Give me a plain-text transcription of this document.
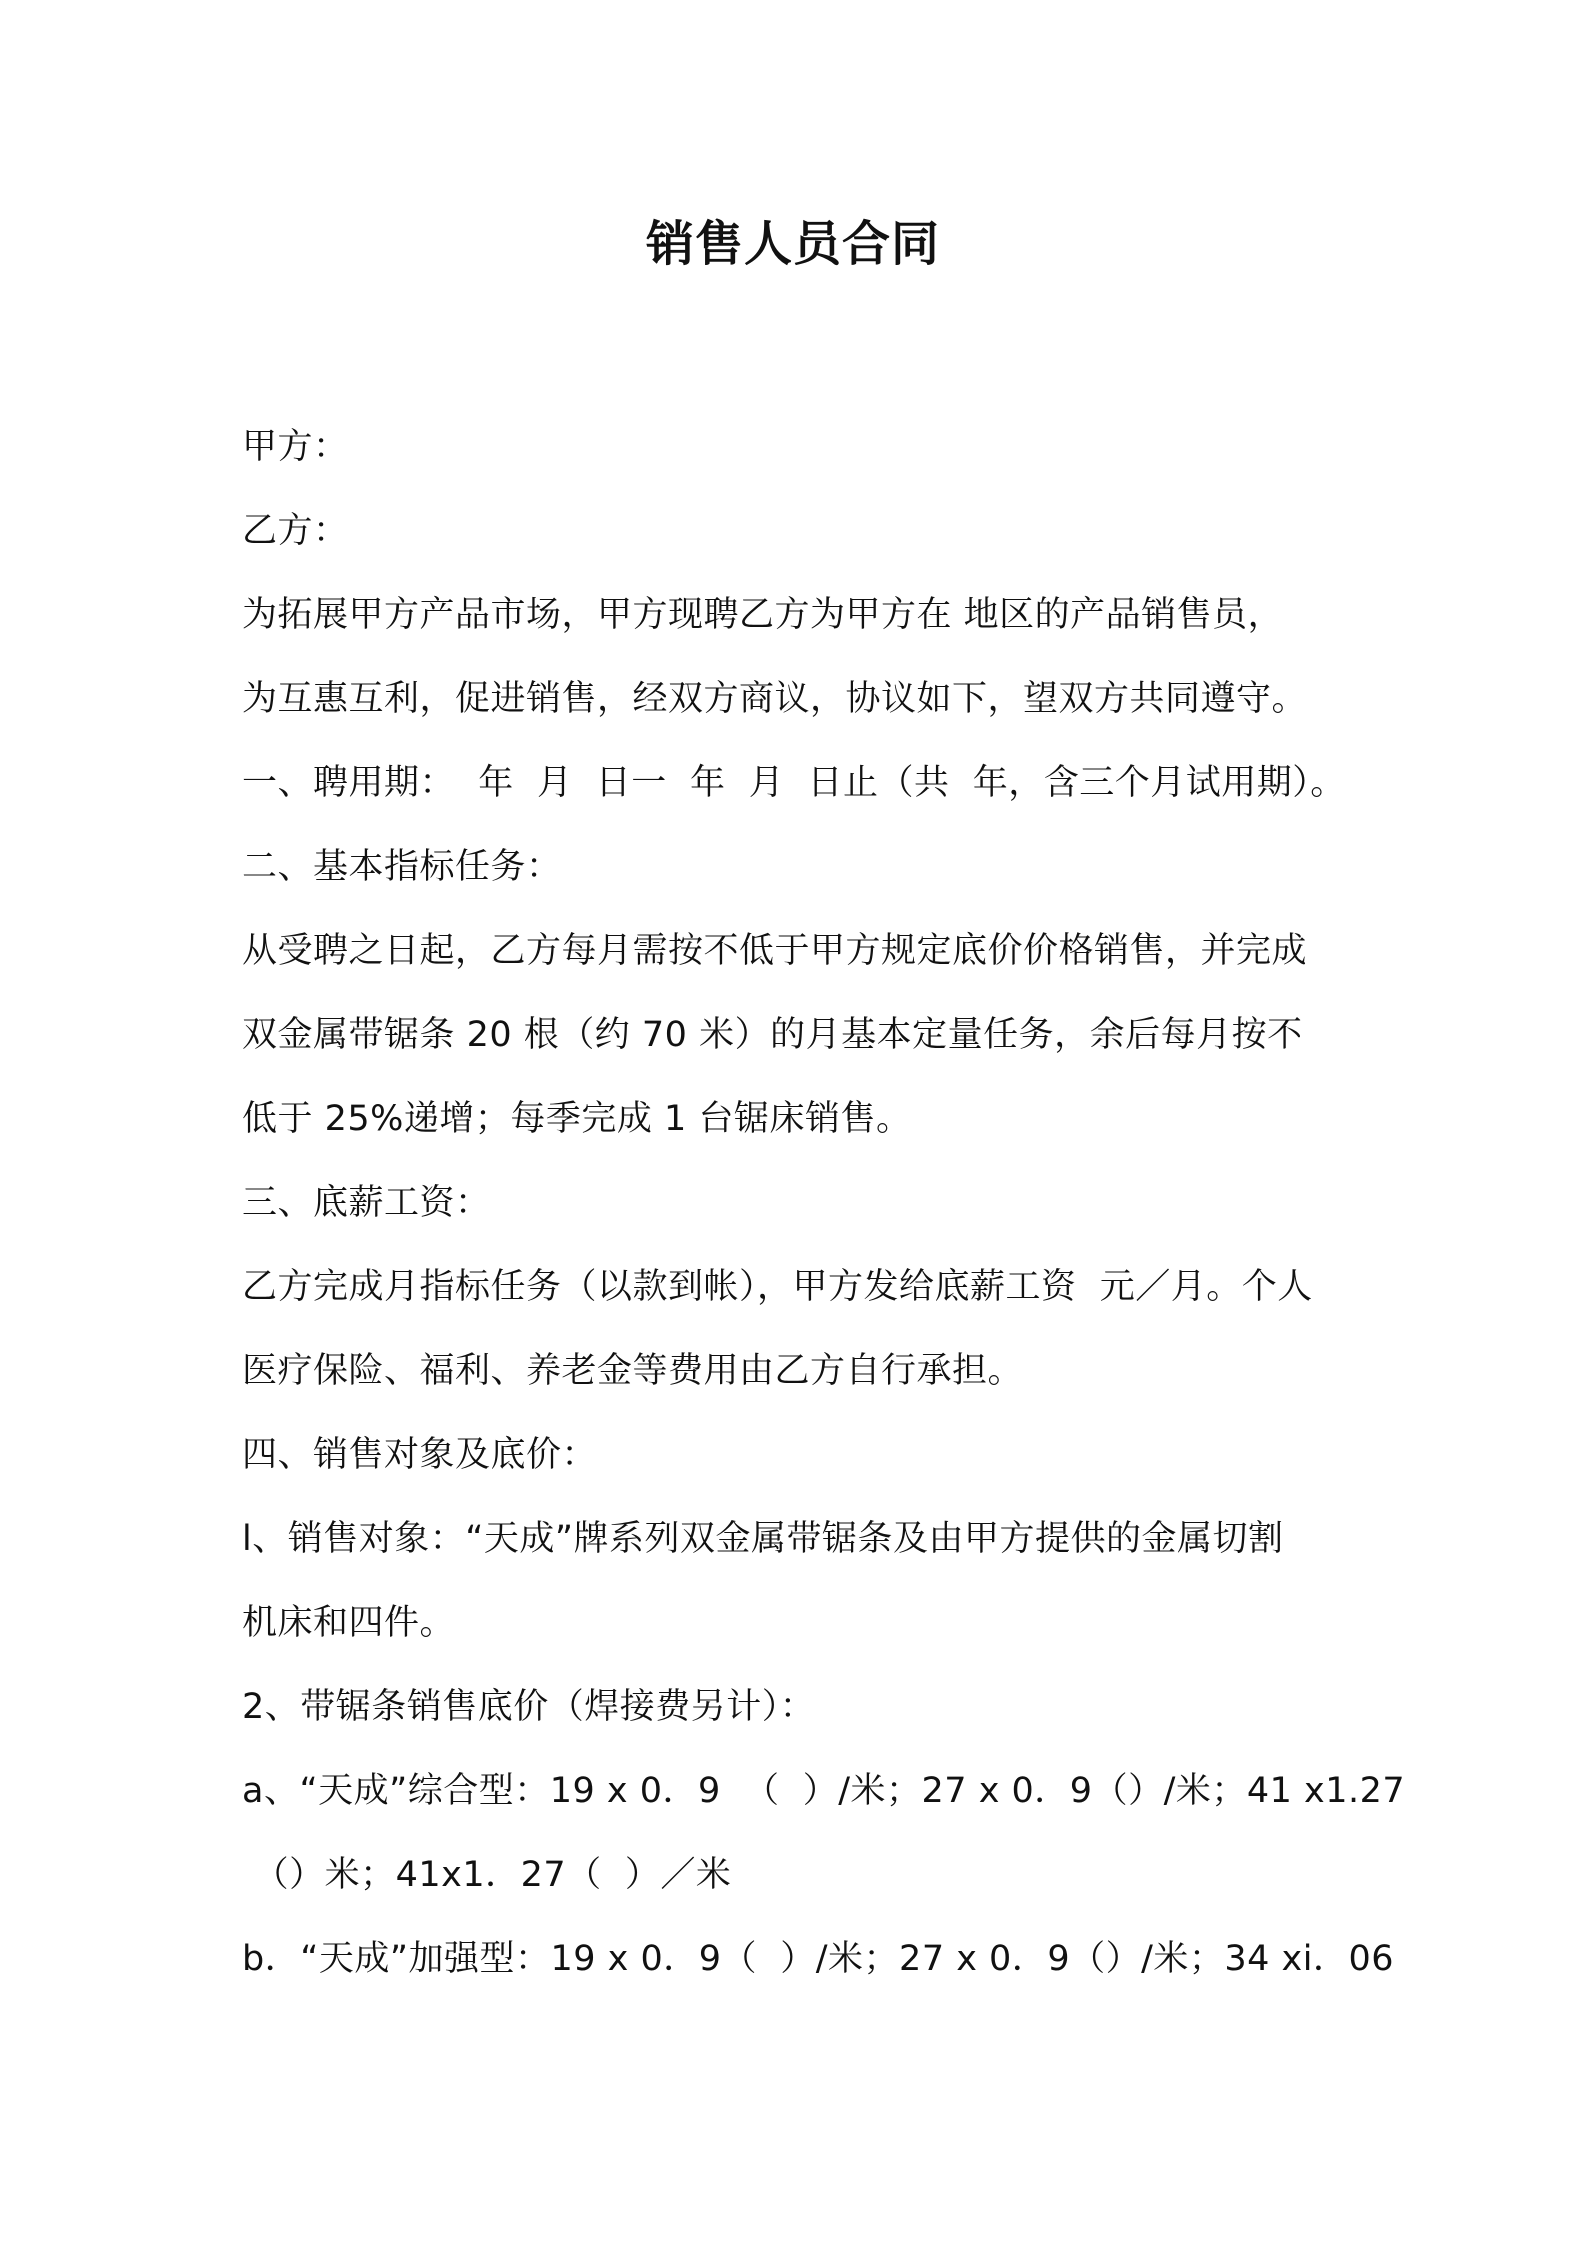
销售人员合同
甲方：
乙方：
为拓展甲方产品市场，甲方现聘乙方为甲方在 地区的产品销售员，
为互惠互利，促进销售，经双方商议，协议如下，望双方共同遵守。
一、聘用期：  年  月  日一  年  月  日止（共  年，含三个月试用期）。
二、基本指标任务：
从受聘之日起，乙方每月需按不低于甲方规定底价价格销售，并完成
双金属带锯条 20 根（约 70 米）的月基本定量任务，余后每月按不
低于 25%递增；每季完成 1 台锯床销售。
三、底薪工资：
乙方完成月指标任务（以款到帐），甲方发给底薪工资  元／月。个人
医疗保险、福利、养老金等费用由乙方自行承担。
四、销售对象及底价：
l、销售对象：“天成”牌系列双金属带锯条及由甲方提供的金属切割
机床和四件。
2、带锯条销售底价（焊接费另计）：
a、“天成”综合型：19 x 0．9  （  ）/米；27 x 0．9（）/米；41 x1.27
（）米；41x1．27（  ）／米
b．“天成”加强型：19 x 0．9（  ）/米；27 x 0．9（）/米；34 xi．06
